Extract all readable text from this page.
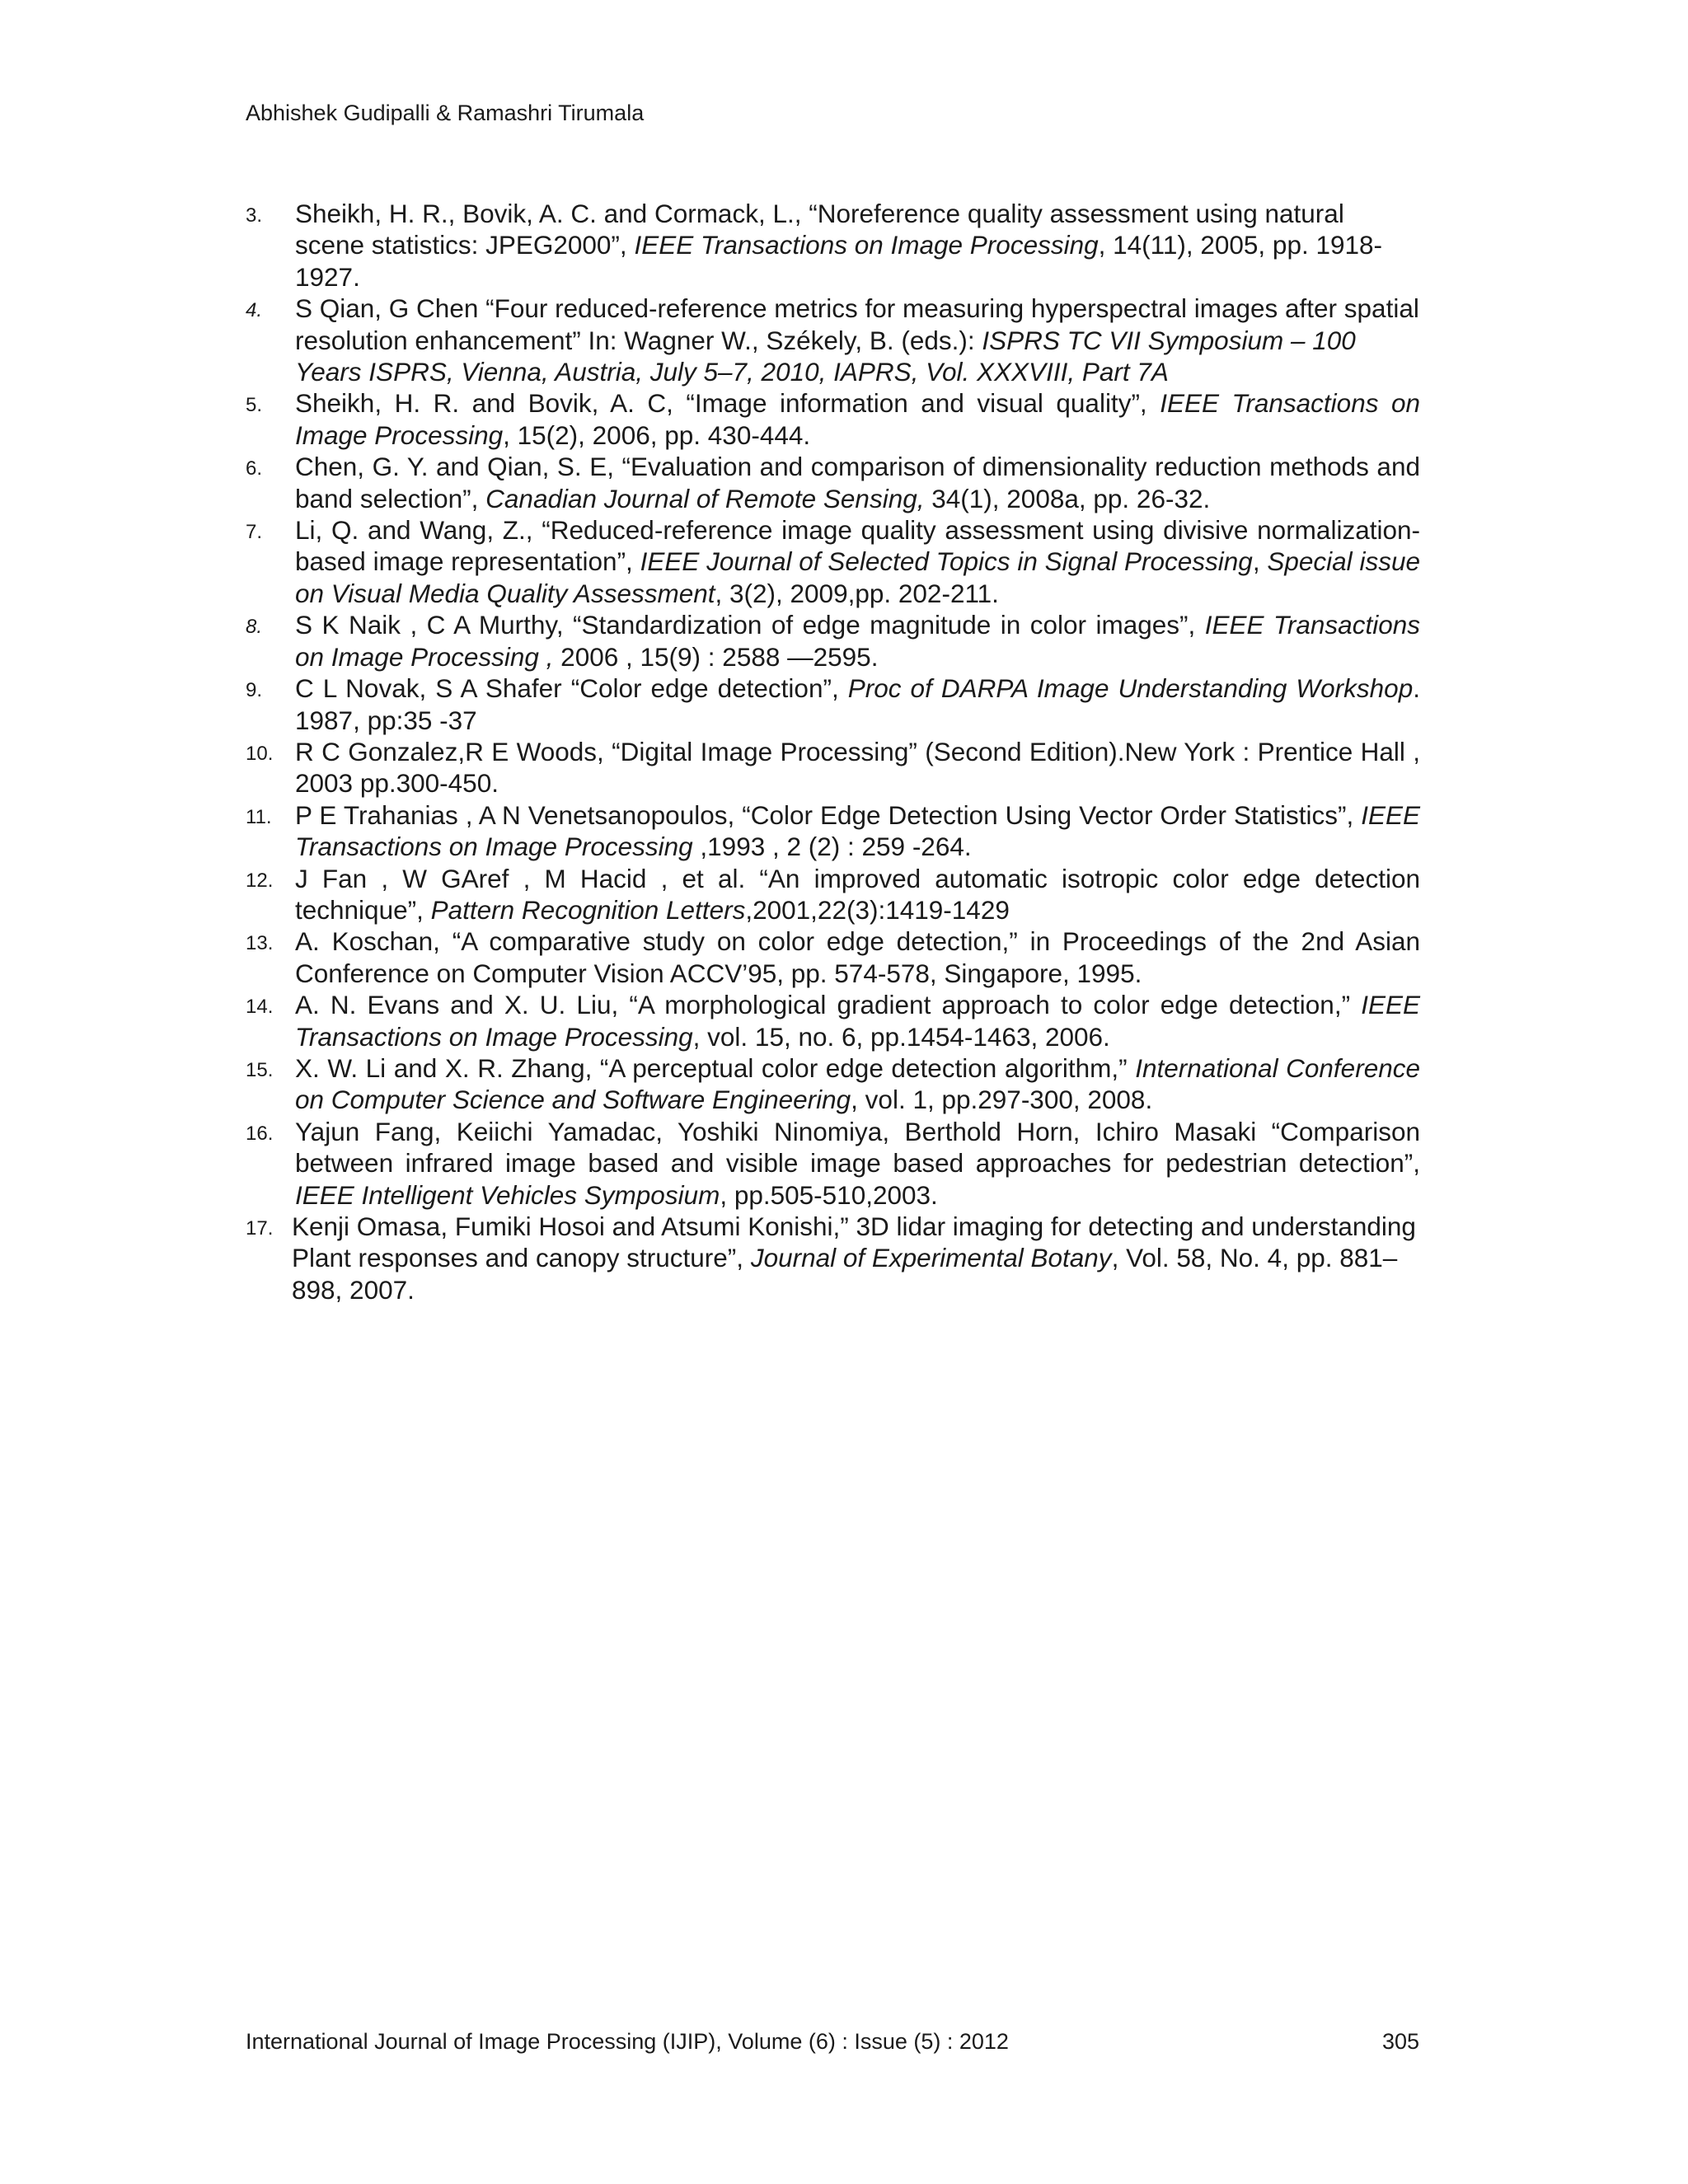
Abhishek Gudipalli & Ramashri Tirumala
3. Sheikh, H. R., Bovik, A. C. and Cormack, L., “Noreference quality assessment using natural scene statistics: JPEG2000”, IEEE Transactions on Image Processing, 14(11), 2005, pp. 1918-1927.
4. S Qian, G Chen “Four reduced-reference metrics for measuring hyperspectral images after spatial resolution enhancement” In: Wagner W., Székely, B. (eds.): ISPRS TC VII Symposium – 100 Years ISPRS, Vienna, Austria, July 5–7, 2010, IAPRS, Vol. XXXVIII, Part 7A
5. Sheikh, H. R. and Bovik, A. C, “Image information and visual quality”, IEEE Transactions on Image Processing, 15(2), 2006, pp. 430-444.
6. Chen, G. Y. and Qian, S. E, “Evaluation and comparison of dimensionality reduction methods and band selection”, Canadian Journal of Remote Sensing, 34(1), 2008a, pp. 26-32.
7. Li, Q. and Wang, Z., “Reduced-reference image quality assessment using divisive normalization-based image representation”, IEEE Journal of Selected Topics in Signal Processing, Special issue on Visual Media Quality Assessment, 3(2), 2009,pp. 202-211.
8. S K Naik , C A Murthy, “Standardization of edge magnitude in color images”, IEEE Transactions on Image Processing , 2006 , 15(9) : 2588 —2595.
9. C L Novak, S A Shafer “Color edge detection”, Proc of DARPA Image Understanding Workshop. 1987, pp:35 -37
10. R C Gonzalez,R E Woods, “Digital Image Processing” (Second Edition).New York : Prentice Hall , 2003 pp.300-450.
11. P E Trahanias , A N Venetsanopoulos, “Color Edge Detection Using Vector Order Statistics”, IEEE Transactions on Image Processing ,1993 , 2 (2) : 259 -264.
12. J Fan , W GAref , M Hacid , et al. “An improved automatic isotropic color edge detection technique”, Pattern Recognition Letters,2001,22(3):1419-1429
13. A. Koschan, “A comparative study on color edge detection,” in Proceedings of the 2nd Asian Conference on Computer Vision ACCV’95, pp. 574-578, Singapore, 1995.
14. A. N. Evans and X. U. Liu, “A morphological gradient approach to color edge detection,” IEEE Transactions on Image Processing, vol. 15, no. 6, pp.1454-1463, 2006.
15. X. W. Li and X. R. Zhang, “A perceptual color edge detection algorithm,” International Conference on Computer Science and Software Engineering, vol. 1, pp.297-300, 2008.
16. Yajun Fang, Keiichi Yamadac, Yoshiki Ninomiya, Berthold Horn, Ichiro Masaki “Comparison between infrared image based and visible image based approaches for pedestrian detection”, IEEE Intelligent Vehicles Symposium, pp.505-510,2003.
17. Kenji Omasa, Fumiki Hosoi and Atsumi Konishi,” 3D lidar imaging for detecting and understanding Plant responses and canopy structure”, Journal of Experimental Botany, Vol. 58, No. 4, pp. 881–898, 2007.
International Journal of Image Processing (IJIP), Volume (6) : Issue (5) : 2012	305
